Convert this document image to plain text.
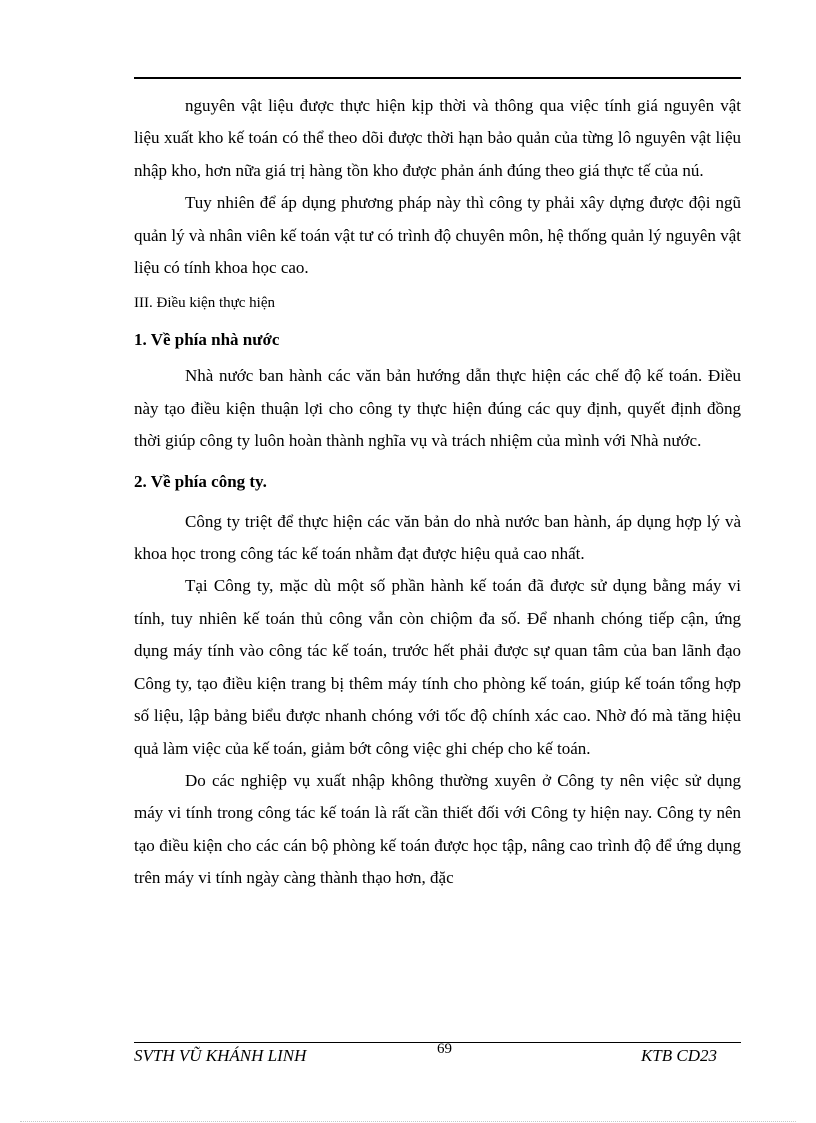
nguyên vật liệu được thực hiện kịp thời và thông qua việc tính giá nguyên vật liệu xuất kho kế toán có thể theo dõi được thời hạn bảo quản của từng lô nguyên vật liệu nhập kho, hơn nữa giá trị hàng tồn kho được phản ánh đúng theo giá thực tế của nú.

Tuy nhiên để áp dụng phương pháp này thì công ty phải xây dựng được đội ngũ quản lý và nhân viên kế toán vật tư có trình độ chuyên môn, hệ thống quản lý nguyên vật liệu có tính khoa học cao.

III. Điều kiện thực hiện
1. Về phía nhà nước

Nhà nước ban hành các văn bản hướng dẫn thực hiện các chế độ kế toán. Điều này tạo điều kiện thuận lợi cho công ty thực hiện đúng các quy định, quyết định đồng thời giúp công ty luôn hoàn thành nghĩa vụ và trách nhiệm của mình với Nhà nước.

2. Về phía công ty.

Công ty triệt để thực hiện các văn bản do nhà nước ban hành, áp dụng hợp lý và khoa học trong công tác kế toán nhằm đạt được hiệu quả cao nhất.

Tại Công ty, mặc dù một số phần hành kế toán đã được sử dụng bằng máy vi tính, tuy nhiên kế toán thủ công vẫn còn chiộm đa số. Để nhanh chóng tiếp cận, ứng dụng máy tính vào công tác kế toán, trước hết phải được sự quan tâm của ban lãnh đạo Công ty, tạo điều kiện trang bị thêm máy tính cho phòng kế toán, giúp kế toán tổng hợp số liệu, lập bảng biểu được nhanh chóng với tốc độ chính xác cao. Nhờ đó mà tăng hiệu quả làm việc của kế toán, giảm bớt công việc ghi chép cho kế toán.

Do các nghiệp vụ xuất nhập không thường xuyên ở Công ty nên việc sử dụng máy vi tính trong công tác kế toán là rất cần thiết đối với Công ty hiện nay. Công ty nên tạo điều kiện cho các cán bộ phòng kế toán được học tập, nâng cao trình độ để ứng dụng trên máy vi tính ngày càng thành thạo hơn, đặc

SVTH VŨ KHÁNH LINH	69	KTB CD23
